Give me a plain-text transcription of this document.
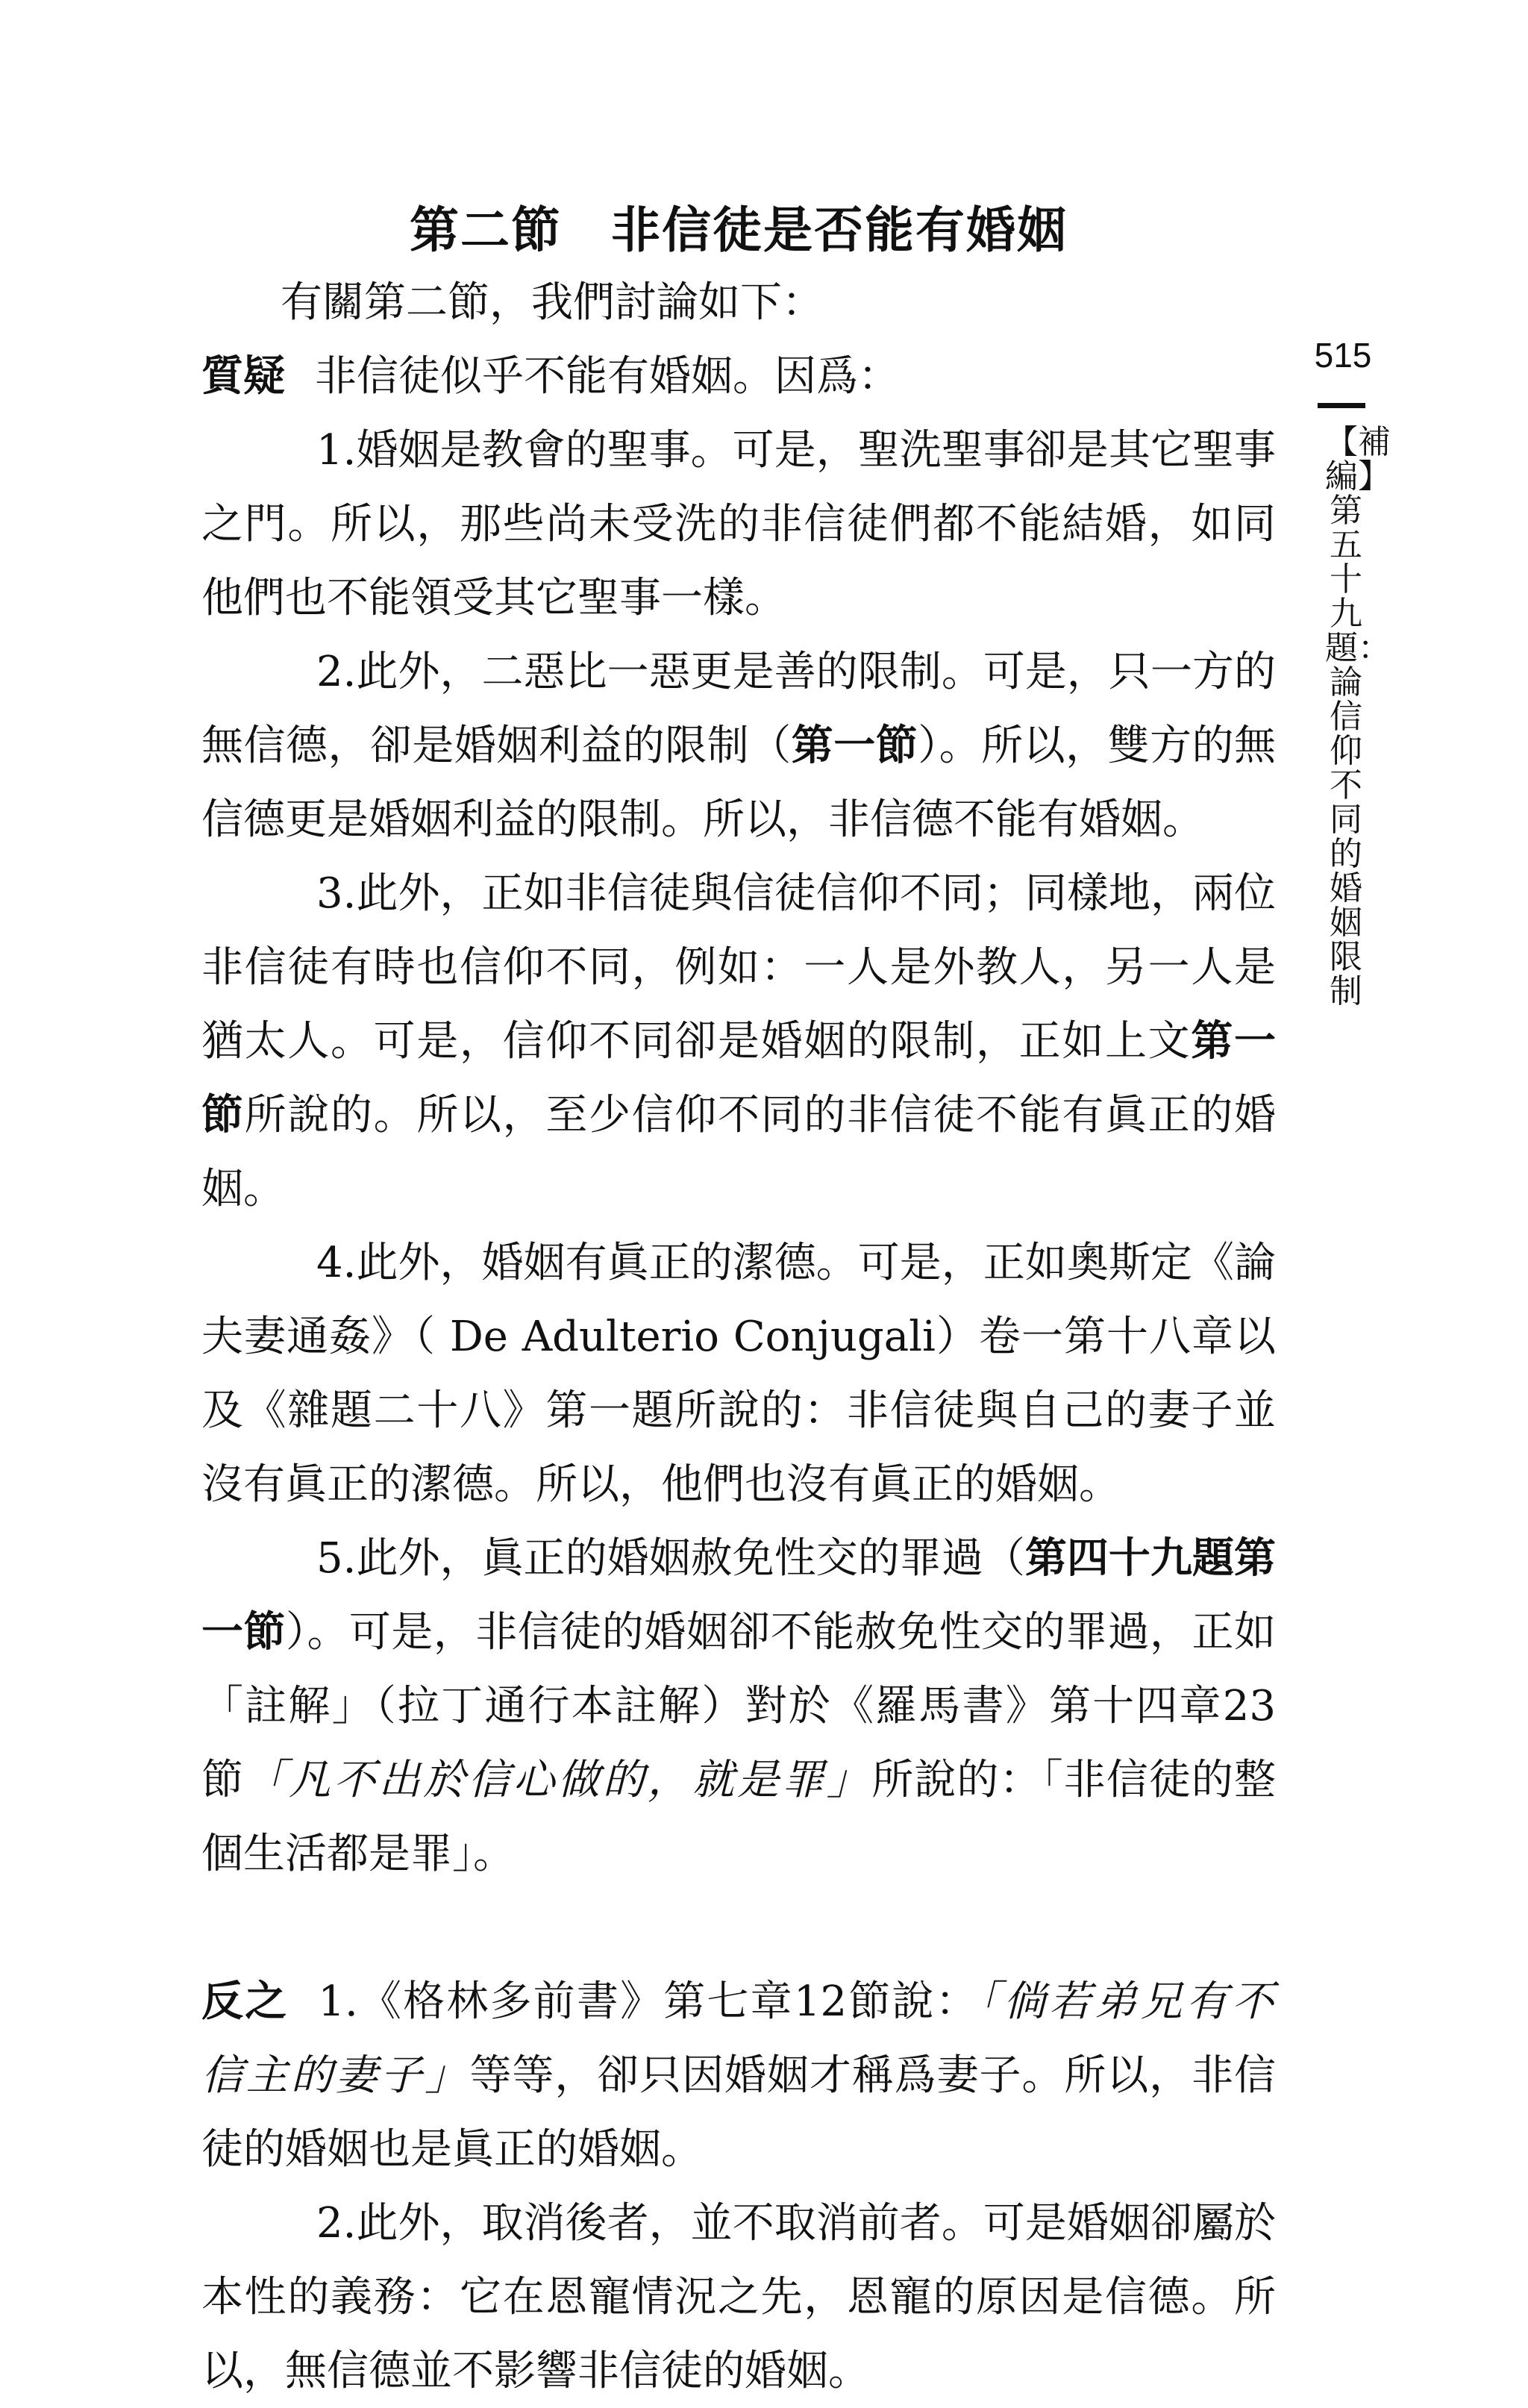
第二節 非信徒是否能有婚姻
515
【補編】第五十九題：論信仰不同的婚姻限制

有關第二節，我們討論如下：

質疑 非信徒似乎不能有婚姻。因爲：

1.婚姻是教會的聖事。可是，聖洗聖事卻是其它聖事之門。所以，那些尚未受洗的非信徒們都不能結婚，如同他們也不能領受其它聖事一樣。

2.此外，二惡比一惡更是善的限制。可是，只一方的無信德，卻是婚姻利益的限制（第一節）。所以，雙方的無信德更是婚姻利益的限制。所以，非信德不能有婚姻。

3.此外，正如非信徒與信徒信仰不同；同樣地，兩位非信徒有時也信仰不同，例如：一人是外教人，另一人是猶太人。可是，信仰不同卻是婚姻的限制，正如上文第一節所說的。所以，至少信仰不同的非信徒不能有眞正的婚姻。

4.此外，婚姻有眞正的潔德。可是，正如奧斯定《論夫妻通姦》（ De Adulterio Conjugali）卷一第十八章以及《雜題二十八》第一題所說的：非信徒與自己的妻子並沒有眞正的潔德。所以，他們也沒有眞正的婚姻。

5.此外，眞正的婚姻赦免性交的罪過（第四十九題第一節）。可是，非信徒的婚姻卻不能赦免性交的罪過，正如「註解」（拉丁通行本註解）對於《羅馬書》第十四章23節「凡不出於信心做的，就是罪」所說的：「非信徒的整個生活都是罪」。

反之 1.《格林多前書》第七章12節說：「倘若弟兄有不信主的妻子」等等，卻只因婚姻才稱爲妻子。所以，非信徒的婚姻也是眞正的婚姻。

2.此外，取消後者，並不取消前者。可是婚姻卻屬於本性的義務：它在恩寵情況之先，恩寵的原因是信德。所以，無信德並不影響非信徒的婚姻。
